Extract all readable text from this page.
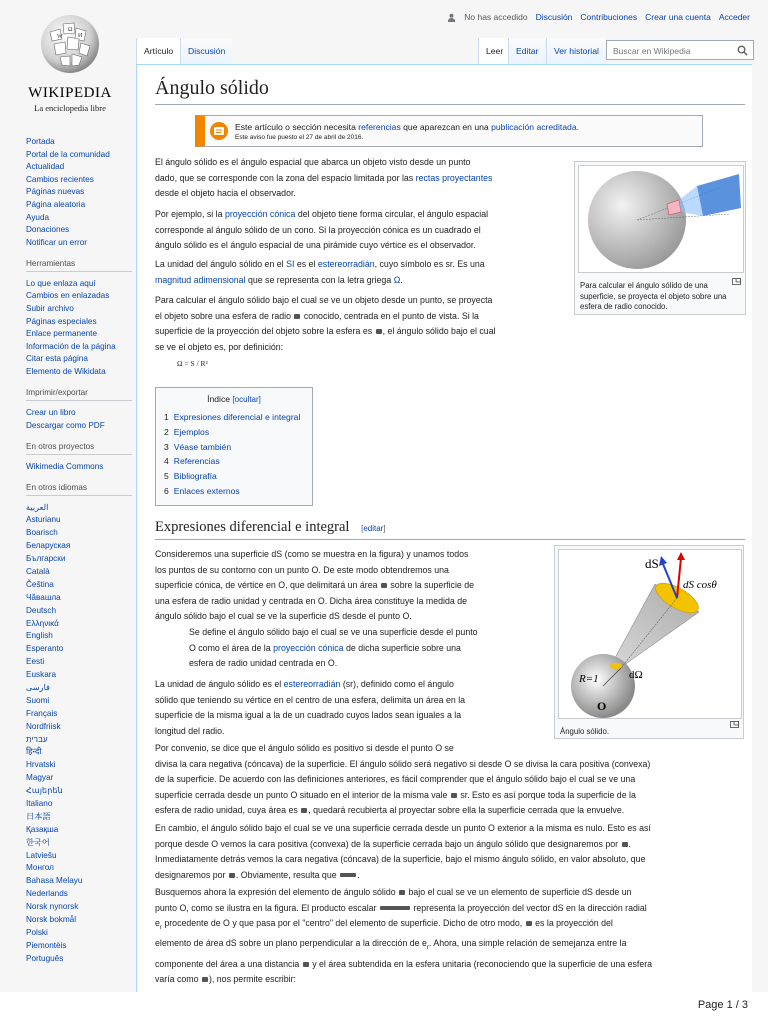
No has accedido Discusión Contribuciones Crear una cuenta Acceder
W
Ω
И
WIKIPEDIA
La enciclopedia libre
Portada
Portal de la comunidad
Actualidad
Cambios recientes
Páginas nuevas
Página aleatoria
Ayuda
Donaciones
Notificar un error
Herramientas
Lo que enlaza aquí
Cambios en enlazadas
Subir archivo
Páginas especiales
Enlace permanente
Información de la página
Citar esta página
Elemento de Wikidata
Imprimir/exportar
Crear un libro
Descargar como PDF
En otros proyectos
Wikimedia Commons
En otros idiomas
العربية
Asturianu
Boarisch
Беларуская
Български
Català
Čeština
Чӑвашла
Deutsch
Ελληνικά
English
Esperanto
Eesti
Euskara
فارسی
Suomi
Français
Nordfriisk
עברית
हिन्दी
Hrvatski
Magyar
Հայերեն
Italiano
日本語
Қазақша
한국어
Latviešu
Монгол
Bahasa Melayu
Nederlands
Norsk nynorsk
Norsk bokmål
Polski
Piemontèis
Português
Artículo	Discusión	Leer	Editar	Ver historial	Buscar en Wikipedia
Ángulo sólido
Este artículo o sección necesita referencias que aparezcan en una publicación acreditada.
Este aviso fue puesto el 27 de abril de 2016.

El ángulo sólido es el ángulo espacial que abarca un objeto visto desde un punto
dado, que se corresponde con la zona del espacio limitada por las rectas proyectantes
desde el objeto hacia el observador.

Por ejemplo, si la proyección cónica del objeto tiene forma circular, el ángulo espacial
corresponde al ángulo sólido de un cono. Si la proyección cónica es un cuadrado el
ángulo sólido es el ángulo espacial de una pirámide cuyo vértice es el observador.

La unidad del ángulo sólido en el SI es el estereorradián, cuyo símbolo es sr. Es una
magnitud adimensional que se representa con la letra griega Ω.

Para calcular el ángulo sólido bajo el cual se ve un objeto desde un punto, se proyecta
el objeto sobre una esfera de radio conocido, centrada en el punto de vista. Si la
superficie de la proyección del objeto sobre la esfera es , el ángulo sólido bajo el cual
se ve el objeto es, por definición:

Ω = S / R²
Para calcular el ángulo sólido de una superficie, se proyecta el objeto sobre una esfera de radio conocido.
Índice [ocultar]
1 Expresiones diferencial e integral
2 Ejemplos
3 Véase también
4 Referencias
5 Bibliografía
6 Enlaces externos
Expresiones diferencial e integral [editar]

Consideremos una superficie dS (como se muestra en la figura) y unamos todos
los puntos de su contorno con un punto O. De este modo obtendremos una
superficie cónica, de vértice en O, que delimitará un área sobre la superficie de
una esfera de radio unidad y centrada en O. Dicha área constituye la medida de
ángulo sólido bajo el cual se ve la superficie dS desde el punto O.

Se define el ángulo sólido bajo el cual se ve una superficie desde el punto
O como el área de la proyección cónica de dicha superficie sobre una
esfera de radio unidad centrada en O.

La unidad de ángulo sólido es el estereorradián (sr), definido como el ángulo
sólido que teniendo su vértice en el centro de una esfera, delimita un área en la
superficie de la misma igual a la de un cuadrado cuyos lados sean iguales a la
longitud del radio.

dS
dS cosθ
R=1	dΩ
O
Ángulo sólido.

Por convenio, se dice que el ángulo sólido es positivo si desde el punto O se
divisa la cara negativa (cóncava) de la superficie. El ángulo sólido será negativo si desde O se divisa la cara positiva (convexa)
de la superficie. De acuerdo con las definiciones anteriores, es fácil comprender que el ángulo sólido bajo el cual se ve una
superficie cerrada desde un punto O situado en el interior de la misma vale sr. Esto es así porque toda la superficie de la
esfera de radio unidad, cuya área es , quedará recubierta al proyectar sobre ella la superficie cerrada que la envuelve.

En cambio, el ángulo sólido bajo el cual se ve una superficie cerrada desde un punto O exterior a la misma es nulo. Esto es así
porque desde O vemos la cara positiva (convexa) de la superficie cerrada bajo un ángulo sólido que designaremos por .
Inmediatamente detrás vemos la cara negativa (cóncava) de la superficie, bajo el mismo ángulo sólido, en valor absoluto, que
designaremos por . Obviamente, resulta que .

Busquemos ahora la expresión del elemento de ángulo sólido bajo el cual se ve un elemento de superficie dS desde un
punto O, como se ilustra en la figura. El producto escalar	representa la proyección del vector dS en la dirección radial
$e_r$ procedente de O y que pasa por el "centro" del elemento de superficie. Dicho de otro modo, es la proyección del
elemento de área dS sobre un plano perpendicular a la dirección de $e_r$. Ahora, una simple relación de semejanza entre la
componente del área a una distancia y el área subtendida en la esfera unitaria (reconociendo que la superficie de una esfera
varía como ), nos permite escribir:

Page 1 / 3
